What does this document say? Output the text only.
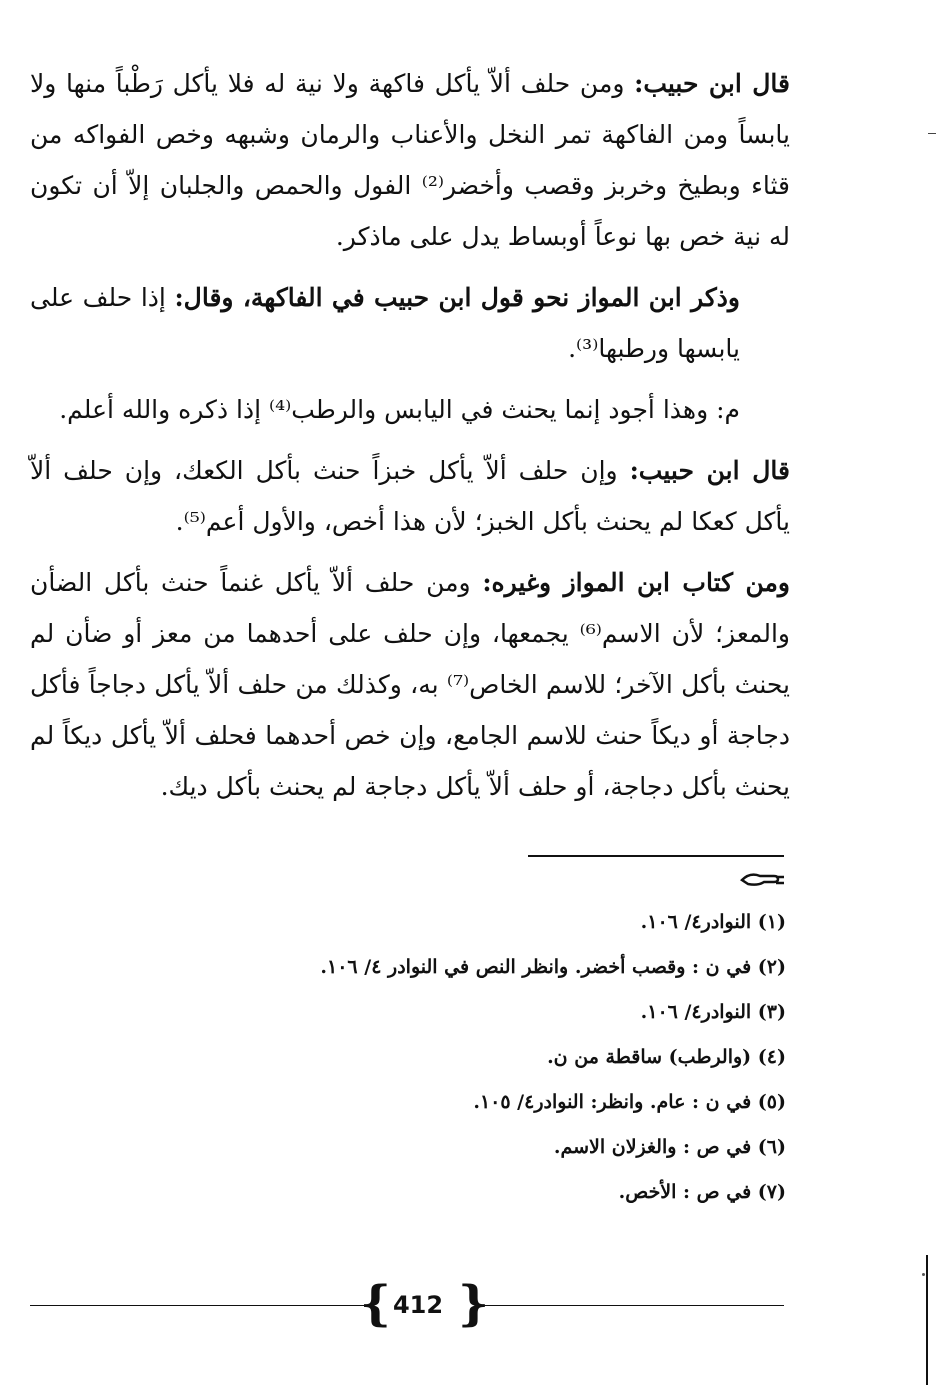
قال ابن حبيب: ومن حلف ألاّ يأكل فاكهة ولا نية له فلا يأكل رَطْباً منها ولا يابساً ومن الفاكهة تمر النخل والأعناب والرمان وشبهه وخص الفواكه من قثاء وبطيخ وخربز وقصب وأخضر⁽²⁾ الفول والحمص والجلبان إلاّ أن تكون له نية خص بها نوعاً أوبساط يدل على ماذكر.

وذكر ابن المواز نحو قول ابن حبيب في الفاكهة، وقال: إذا حلف على يابسها ورطبها⁽³⁾.

م: وهذا أجود إنما يحنث في اليابس والرطب⁽⁴⁾ إذا ذكره والله أعلم.

قال ابن حبيب: وإن حلف ألاّ يأكل خبزاً حنث بأكل الكعك، وإن حلف ألاّ يأكل كعكا لم يحنث بأكل الخبز؛ لأن هذا أخص، والأول أعم⁽⁵⁾.

ومن كتاب ابن المواز وغيره: ومن حلف ألاّ يأكل غنماً حنث بأكل الضأن والمعز؛ لأن الاسم⁽⁶⁾ يجمعها، وإن حلف على أحدهما من معز أو ضأن لم يحنث بأكل الآخر؛ للاسم الخاص⁽⁷⁾ به، وكذلك من حلف ألاّ يأكل دجاجاً فأكل دجاجة أو ديكاً حنث للاسم الجامع، وإن خص أحدهما فحلف ألاّ يأكل ديكاً لم يحنث بأكل دجاجة، أو حلف ألاّ يأكل دجاجة لم يحنث بأكل ديك.

(١) النوادر٤/ ١٠٦.
(٢) في ن : وقصب أخضر. وانظر النص في النوادر ٤/ ١٠٦.
(٣) النوادر٤/ ١٠٦.
(٤) (والرطب) ساقطة من ن.
(٥) في ن : عام. وانظر: النوادر٤/ ١٠٥.
(٦) في ص : والغزلان الاسم.
(٧) في ص : الأخص.
{ 412 }
